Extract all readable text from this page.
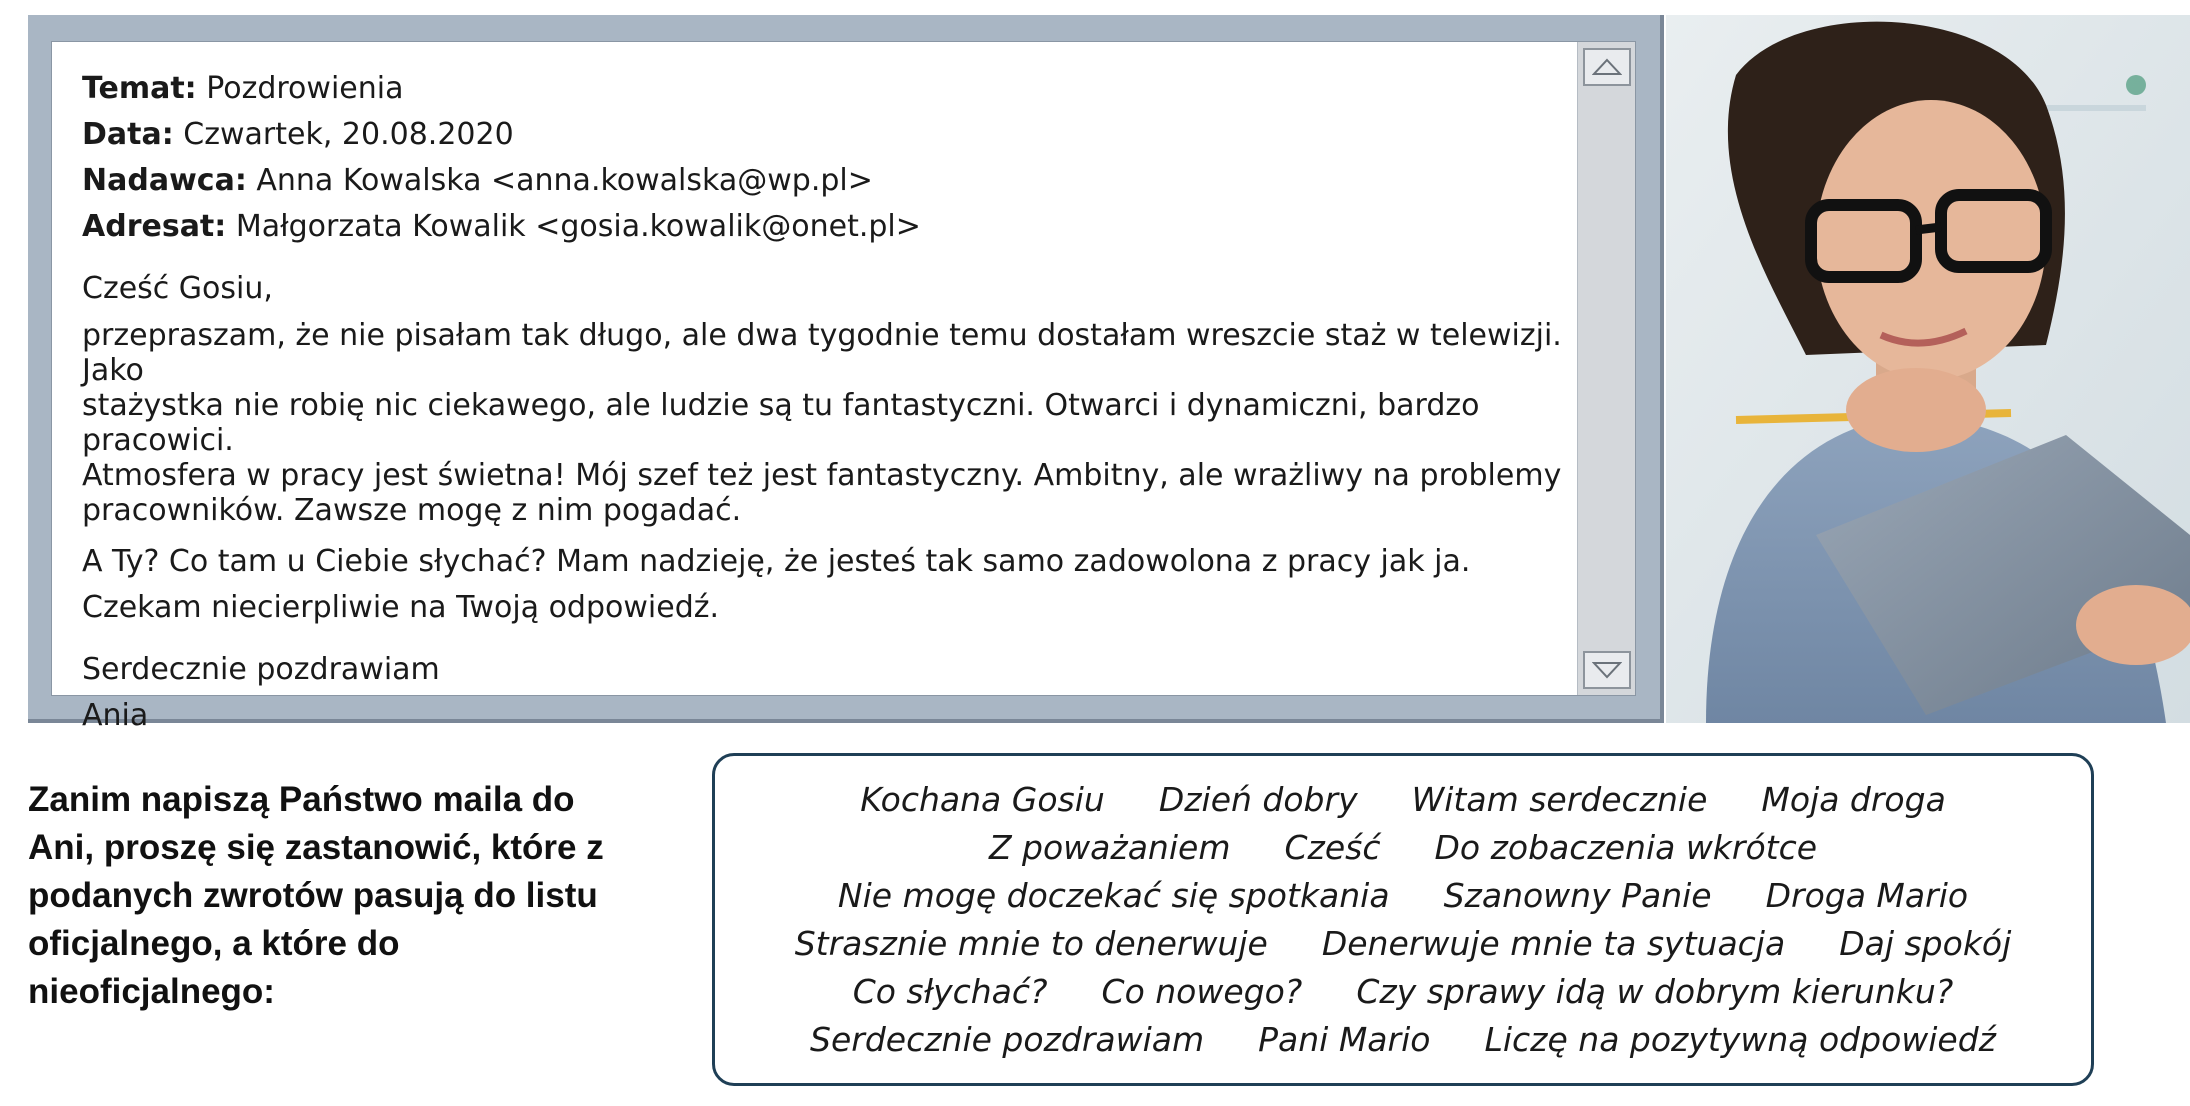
Temat: Pozdrowienia
Data: Czwartek, 20.08.2020
Nadawca: Anna Kowalska <anna.kowalska@wp.pl>
Adresat: Małgorzata Kowalik <gosia.kowalik@onet.pl>
Cześć Gosiu,
przepraszam, że nie pisałam tak długo, ale dwa tygodnie temu dostałam wreszcie staż w telewizji. Jako
stażystka nie robię nic ciekawego, ale ludzie są tu fantastyczni. Otwarci i dynamiczni, bardzo pracowici.
Atmosfera w pracy jest świetna! Mój szef też jest fantastyczny. Ambitny, ale wrażliwy na problemy
pracowników. Zawsze mogę z nim pogadać.
A Ty? Co tam u Ciebie słychać? Mam nadzieję, że jesteś tak samo zadowolona z pracy jak ja.
Czekam niecierpliwie na Twoją odpowiedź.
Serdecznie pozdrawiam
Ania
Zanim napiszą Państwo maila do Ani, proszę się zastanowić, które z podanych zwrotów pasują do listu oficjalnego, a które do nieoficjalnego:
Kochana Gosiu Dzień dobry Witam serdecznie Moja droga
Z poważaniem Cześć Do zobaczenia wkrótce
Nie mogę doczekać się spotkania Szanowny Panie Droga Mario
Strasznie mnie to denerwuje Denerwuje mnie ta sytuacja Daj spokój
Co słychać? Co nowego? Czy sprawy idą w dobrym kierunku?
Serdecznie pozdrawiam Pani Mario Liczę na pozytywną odpowiedź
